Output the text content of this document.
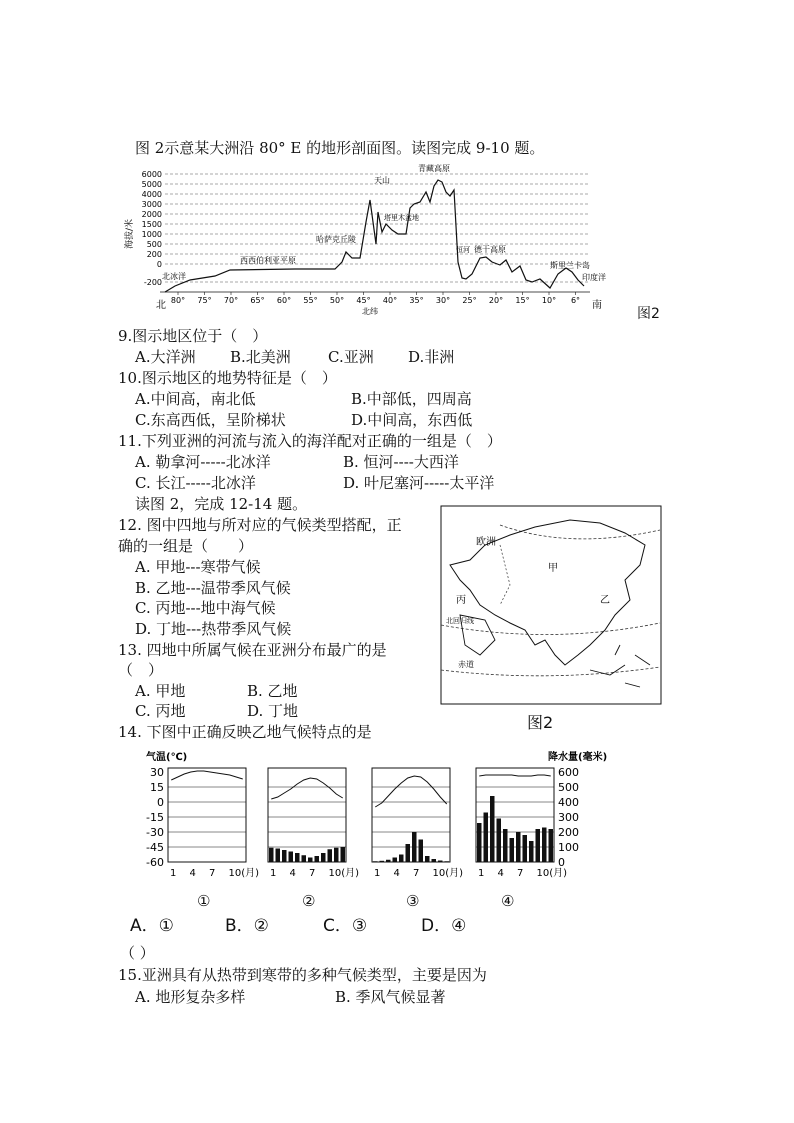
图 2示意某大洲沿 80° E 的地形剖面图。读图完成 9-10 题。
6000
5000
4000
3000
2000
1500
1000
500
200
0
-200
海拔/米
80° 75° 70° 65° 60° 55° 50° 45° 40° 35° 30° 25° 20° 15° 10° 6°
北	南
北纬
北冰洋
西西伯利亚平原
哈萨克丘陵
天山
塔里木盆地
青藏高原
恒河 德干高原
斯里兰卡岛
印度洋
图2
9.图示地区位于（　）
A.大洋洲 B.北美洲 C.亚洲 D.非洲
10.图示地区的地势特征是（　）
A.中间高，南北低	B.中部低，四周高
C.东高西低，呈阶梯状	D.中间高，东西低
11.下列亚洲的河流与流入的海洋配对正确的一组是（　）
A. 勒拿河-----北冰洋	B. 恒河----大西洋
C. 长江-----北冰洋	D. 叶尼塞河-----太平洋
读图 2，完成 12-14 题。
12. 图中四地与所对应的气候类型搭配，正
确的一组是（　　）
A. 甲地---寒带气候
B. 乙地---温带季风气候
C. 丙地---地中海气候
D. 丁地---热带季风气候
欧洲
甲
乙
丙
北回归线
赤道
图2
13. 四地中所属气候在亚洲分布最广的是
（　）
A. 甲地	B. 乙地
C. 丙地	D. 丁地
14. 下图中正确反映乙地气候特点的是
气温(℃)	降水量(毫米)
30
15
0
-15
-30
-45
-60
600
500
400
300
200
100
0
1 4 7 10(月) 1 4 7 10(月) 1 4 7 10(月) 1 4 7 10(月)
①	②	③	④
A．①	B．②	C．③	D．④
（ ）
15.亚洲具有从热带到寒带的多种气候类型，主要是因为
A. 地形复杂多样	B. 季风气候显著
